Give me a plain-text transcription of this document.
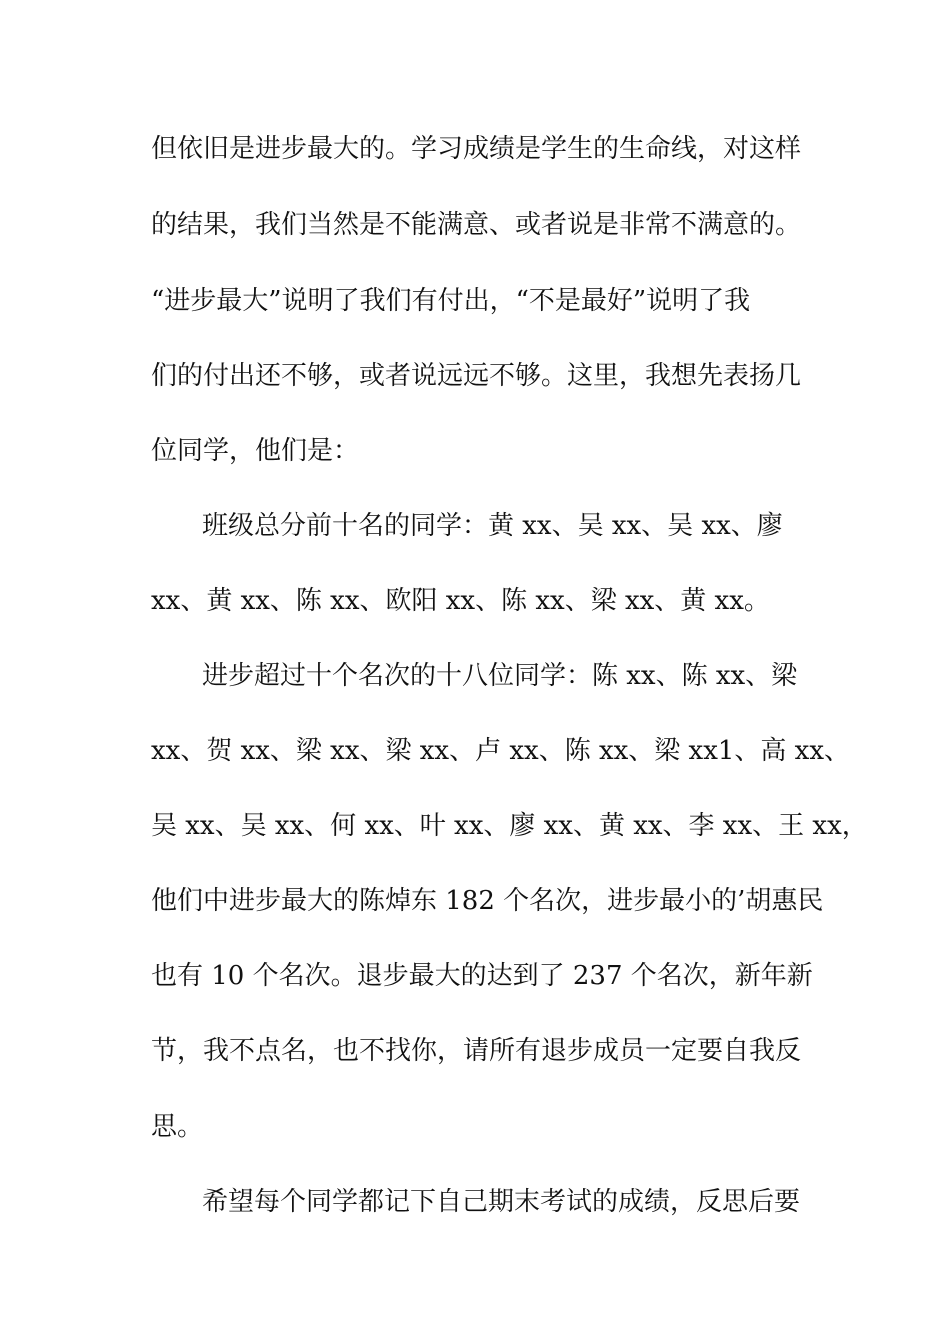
但依旧是进步最大的。学习成绩是学生的生命线，对这样
的结果，我们当然是不能满意、或者说是非常不满意的。
“进步最大”说明了我们有付出，“不是最好”说明了我
们的付出还不够，或者说远远不够。这里，我想先表扬几
位同学，他们是：
班级总分前十名的同学：黄 xx、吴 xx、吴 xx、廖
xx、黄 xx、陈 xx、欧阳 xx、陈 xx、梁 xx、黄 xx。
进步超过十个名次的十八位同学：陈 xx、陈 xx、梁
xx、贺 xx、梁 xx、梁 xx、卢 xx、陈 xx、梁 xx1、高 xx、
吴 xx、吴 xx、何 xx、叶 xx、廖 xx、黄 xx、李 xx、王 xx，
他们中进步最大的陈焯东 182 个名次，进步最小的’胡惠民
也有 10 个名次。退步最大的达到了 237 个名次，新年新
节，我不点名，也不找你，请所有退步成员一定要自我反
思。
希望每个同学都记下自己期末考试的成绩，反思后要
